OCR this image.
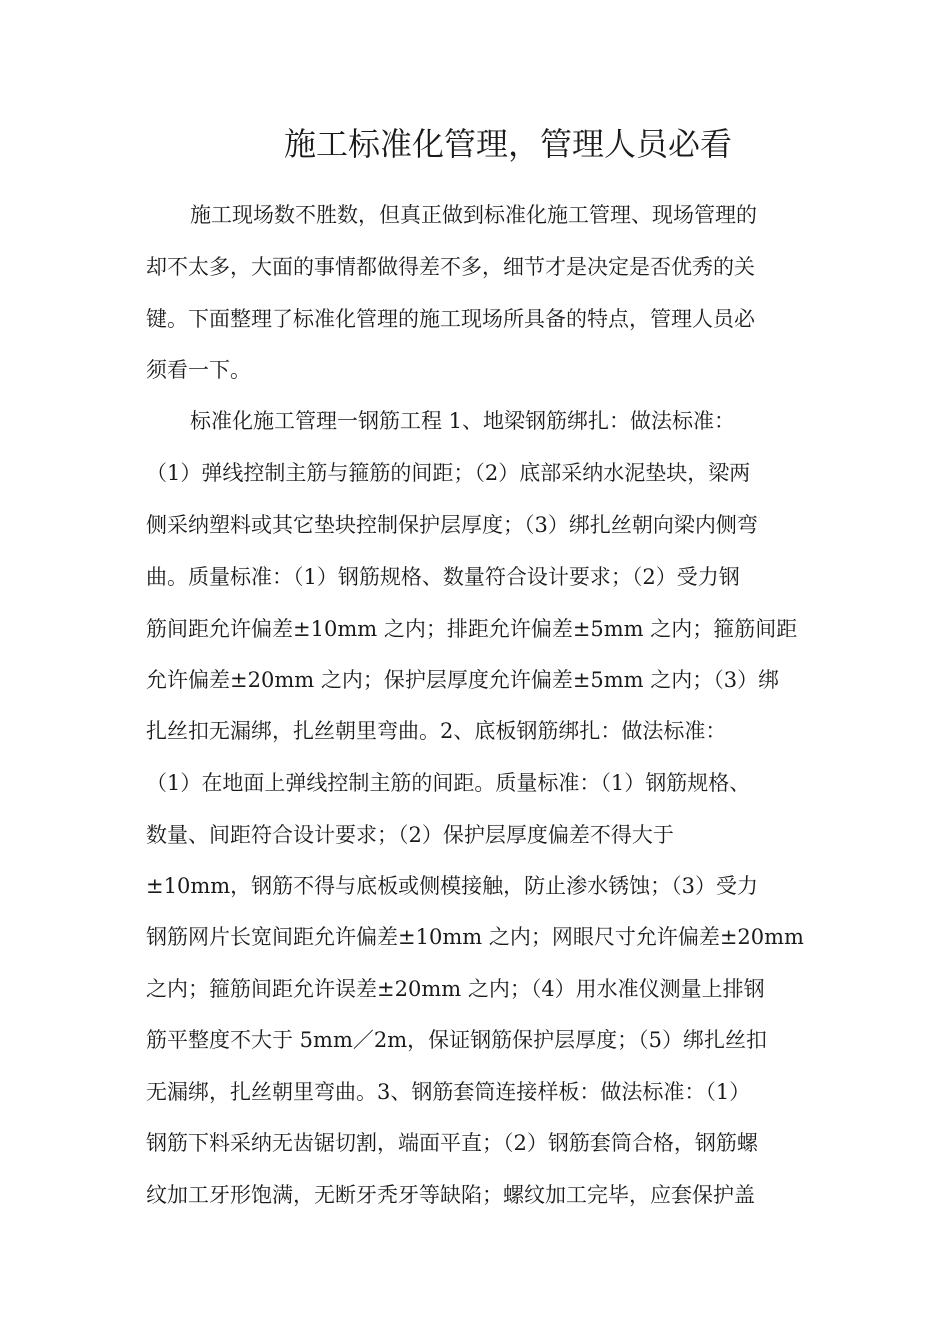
施工标准化管理，管理人员必看
施工现场数不胜数，但真正做到标准化施工管理、现场管理的
却不太多，大面的事情都做得差不多，细节才是决定是否优秀的关
键。下面整理了标准化管理的施工现场所具备的特点，管理人员必
须看一下。
标准化施工管理一钢筋工程 1、地梁钢筋绑扎：做法标准：
（1）弹线控制主筋与箍筋的间距；（2）底部采纳水泥垫块，梁两
侧采纳塑料或其它垫块控制保护层厚度；（3）绑扎丝朝向梁内侧弯
曲。质量标准：（1）钢筋规格、数量符合设计要求；（2）受力钢
筋间距允许偏差±10mm 之内；排距允许偏差±5mm 之内；箍筋间距
允许偏差±20mm 之内；保护层厚度允许偏差±5mm 之内；（3）绑
扎丝扣无漏绑，扎丝朝里弯曲。2、底板钢筋绑扎：做法标准：
（1）在地面上弹线控制主筋的间距。质量标准：（1）钢筋规格、
数量、间距符合设计要求；（2）保护层厚度偏差不得大于
±10mm，钢筋不得与底板或侧模接触，防止渗水锈蚀；（3）受力
钢筋网片长宽间距允许偏差±10mm 之内；网眼尺寸允许偏差±20mm
之内；箍筋间距允许误差±20mm 之内；（4）用水准仪测量上排钢
筋平整度不大于 5mm／2m，保证钢筋保护层厚度；（5）绑扎丝扣
无漏绑，扎丝朝里弯曲。3、钢筋套筒连接样板：做法标准：（1）
钢筋下料采纳无齿锯切割，端面平直；（2）钢筋套筒合格，钢筋螺
纹加工牙形饱满，无断牙秃牙等缺陷；螺纹加工完毕，应套保护盖
